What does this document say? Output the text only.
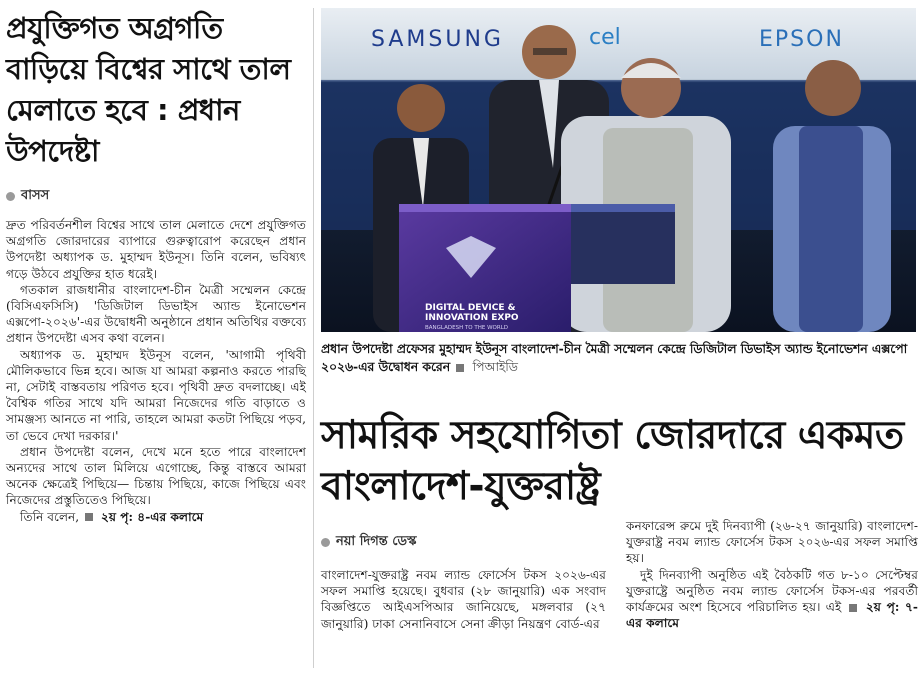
প্রযুক্তিগত অগ্রগতি বাড়িয়ে বিশ্বের সাথে তাল মেলাতে হবে : প্রধান উপদেষ্টা
বাসস

দ্রুত পরিবর্তনশীল বিশ্বের সাথে তাল মেলাতে দেশে প্রযুক্তিগত অগ্রগতি জোরদারের ব্যাপারে গুরুত্বারোপ করেছেন প্রধান উপদেষ্টা অধ্যাপক ড. মুহাম্মদ ইউনূস। তিনি বলেন, ভবিষ্যৎ গড়ে উঠবে প্রযুক্তির হাত ধরেই।

গতকাল রাজধানীর বাংলাদেশ-চীন মৈত্রী সম্মেলন কেন্দ্রে (বিসিএফসিসি) 'ডিজিটাল ডিভাইস অ্যান্ড ইনোভেশন এক্সপো-২০২৬'-এর উদ্বোধনী অনুষ্ঠানে প্রধান অতিথির বক্তব্যে প্রধান উপদেষ্টা এসব কথা বলেন।

অধ্যাপক ড. মুহাম্মদ ইউনূস বলেন, 'আগামী পৃথিবী মৌলিকভাবে ভিন্ন হবে। আজ যা আমরা কল্পনাও করতে পারছি না, সেটাই বাস্তবতায় পরিণত হবে। পৃথিবী দ্রুত বদলাচ্ছে। এই বৈশ্বিক গতির সাথে যদি আমরা নিজেদের গতি বাড়াতে ও সামঞ্জস্য আনতে না পারি, তাহলে আমরা কতটা পিছিয়ে পড়ব, তা ভেবে দেখা দরকার।'

প্রধান উপদেষ্টা বলেন, দেখে মনে হতে পারে বাংলাদেশ অন্যদের সাথে তাল মিলিয়ে এগোচ্ছে, কিন্তু বাস্তবে আমরা অনেক ক্ষেত্রেই পিছিয়ে— চিন্তায় পিছিয়ে, কাজে পিছিয়ে এবং নিজেদের প্রস্তুতিতেও পিছিয়ে।

তিনি বলেন, ২য় পৃ: ৪-এর কলামে

SAMSUNG	cel	EPSON
DIGITAL DEVICE &
INNOVATION EXPO
BANGLADESH TO THE WORLD
প্রধান উপদেষ্টা প্রফেসর মুহাম্মদ ইউনূস বাংলাদেশ-চীন মৈত্রী সম্মেলন কেন্দ্রে ডিজিটাল ডিভাইস অ্যান্ড ইনোভেশন এক্সপো ২০২৬-এর উদ্বোধন করেন পিআইডি
সামরিক সহযোগিতা জোরদারে একমত বাংলাদেশ-যুক্তরাষ্ট্র
নয়া দিগন্ত ডেস্ক

বাংলাদেশ-যুক্তরাষ্ট্র নবম ল্যান্ড ফোর্সেস টকস ২০২৬-এর সফল সমাপ্তি হয়েছে। বুধবার (২৮ জানুয়ারি) এক সংবাদ বিজ্ঞপ্তিতে আইএসপিআর জানিয়েছে, মঙ্গলবার (২৭ জানুয়ারি) ঢাকা সেনানিবাসে সেনা ক্রীড়া নিয়ন্ত্রণ বোর্ড-এর

কনফারেন্স রুমে দুই দিনব্যাপী (২৬-২৭ জানুয়ারি) বাংলাদেশ-যুক্তরাষ্ট্র নবম ল্যান্ড ফোর্সেস টকস ২০২৬-এর সফল সমাপ্তি হয়।

দুই দিনব্যাপী অনুষ্ঠিত এই বৈঠকটি গত ৮-১০ সেপ্টেম্বর যুক্তরাষ্ট্রে অনুষ্ঠিত নবম ল্যান্ড ফোর্সেস টকস-এর পরবর্তী কার্যক্রমের অংশ হিসেবে পরিচালিত হয়। এই ২য় পৃ: ৭-এর কলামে
